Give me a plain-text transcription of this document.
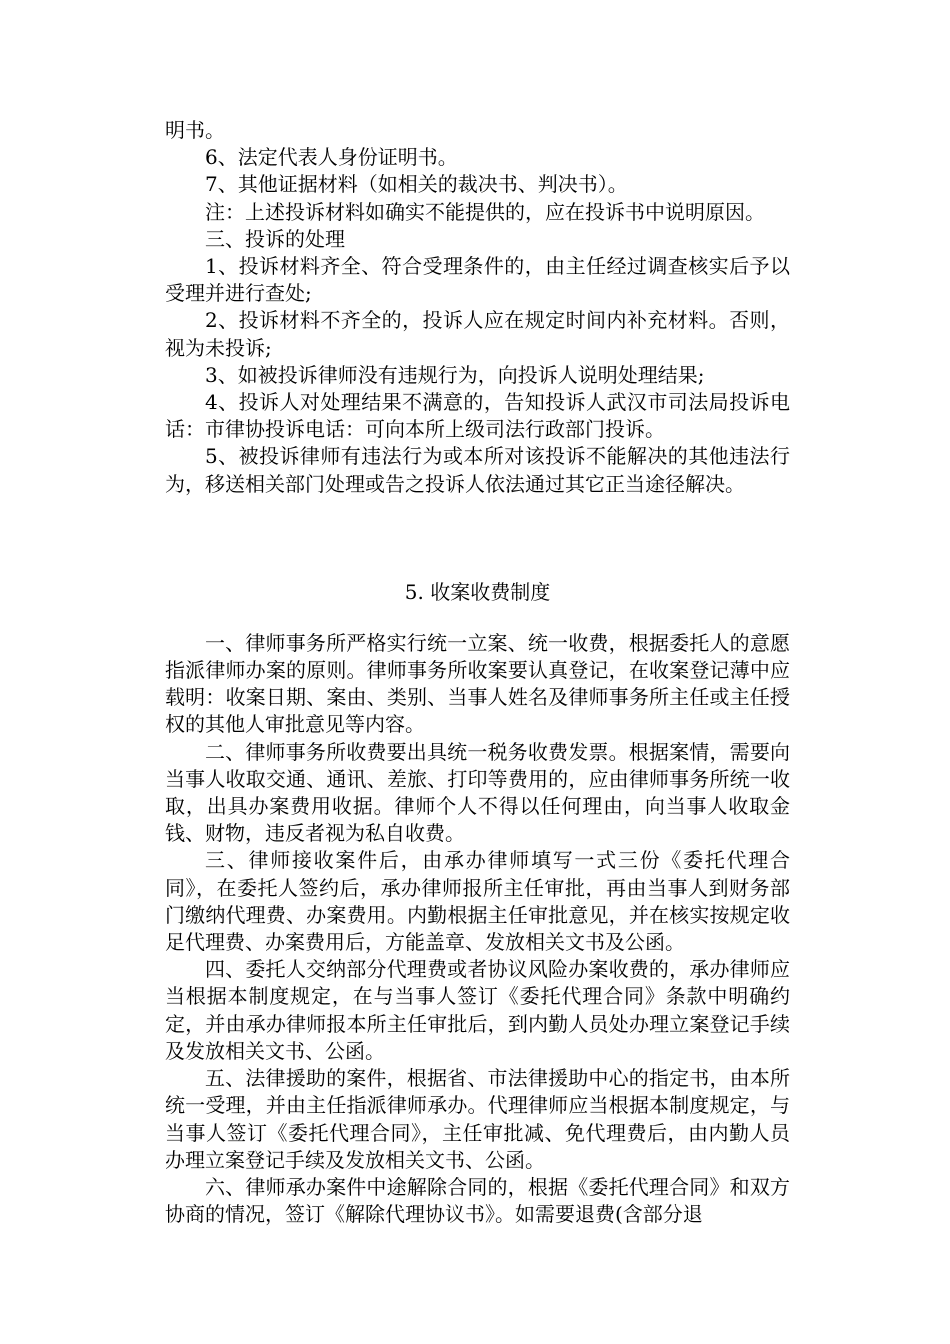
明书。

6、法定代表人身份证明书。

7、其他证据材料（如相关的裁决书、判决书）。

注：上述投诉材料如确实不能提供的，应在投诉书中说明原因。

三、投诉的处理

1、投诉材料齐全、符合受理条件的，由主任经过调查核实后予以受理并进行查处;

2、投诉材料不齐全的，投诉人应在规定时间内补充材料。否则，视为未投诉;

3、如被投诉律师没有违规行为，向投诉人说明处理结果;

4、投诉人对处理结果不满意的，告知投诉人武汉市司法局投诉电话：市律协投诉电话：可向本所上级司法行政部门投诉。

5、被投诉律师有违法行为或本所对该投诉不能解决的其他违法行为，移送相关部门处理或告之投诉人依法通过其它正当途径解决。

5. 收案收费制度

一、律师事务所严格实行统一立案、统一收费，根据委托人的意愿指派律师办案的原则。律师事务所收案要认真登记，在收案登记薄中应载明：收案日期、案由、类别、当事人姓名及律师事务所主任或主任授权的其他人审批意见等内容。

二、律师事务所收费要出具统一税务收费发票。根据案情，需要向当事人收取交通、通讯、差旅、打印等费用的，应由律师事务所统一收取，出具办案费用收据。律师个人不得以任何理由，向当事人收取金钱、财物，违反者视为私自收费。

三、律师接收案件后，由承办律师填写一式三份《委托代理合同》，在委托人签约后，承办律师报所主任审批，再由当事人到财务部门缴纳代理费、办案费用。内勤根据主任审批意见，并在核实按规定收足代理费、办案费用后，方能盖章、发放相关文书及公函。

四、委托人交纳部分代理费或者协议风险办案收费的，承办律师应当根据本制度规定，在与当事人签订《委托代理合同》条款中明确约定，并由承办律师报本所主任审批后，到内勤人员处办理立案登记手续及发放相关文书、公函。

五、法律援助的案件，根据省、市法律援助中心的指定书，由本所统一受理，并由主任指派律师承办。代理律师应当根据本制度规定，与当事人签订《委托代理合同》，主任审批减、免代理费后，由内勤人员办理立案登记手续及发放相关文书、公函。

六、律师承办案件中途解除合同的，根据《委托代理合同》和双方协商的情况，签订《解除代理协议书》。如需要退费(含部分退
